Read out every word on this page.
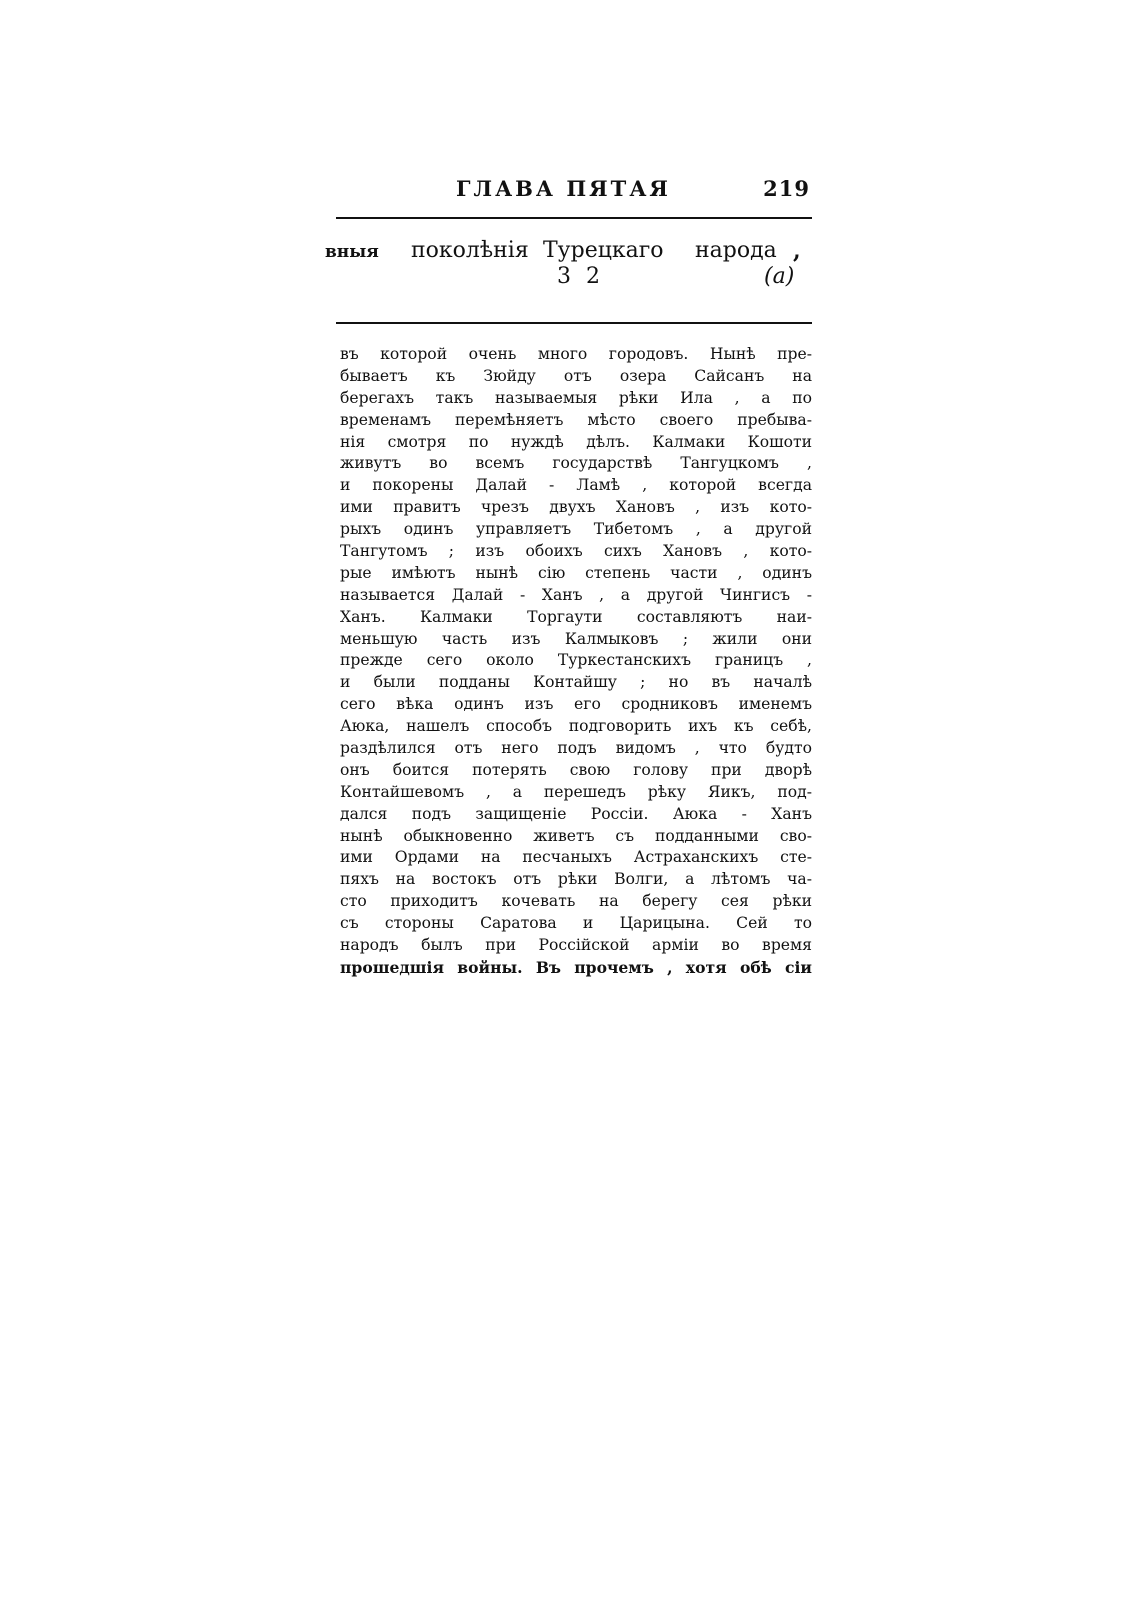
ГЛАВА ПЯТАЯ	219
вныя поколѣнія Турецкаго народа ,
3 2	(a)
въ которой очень много городовъ. Нынѣ пре-
бываетъ къ Зюйду отъ озера Сайсанъ на
берегахъ такъ называемыя рѣки Ила , а по
временамъ перемѣняетъ мѣсто своего пребыва-
нія смотря по нуждѣ дѣлъ. Калмаки Кошоти
живутъ во всемъ государствѣ Тангуцкомъ ,
и покорены Далай - Ламѣ , которой всегда
ими правитъ чрезъ двухъ Хановъ , изъ кото-
рыхъ одинъ управляетъ Тибетомъ , а другой
Тангутомъ ; изъ обоихъ сихъ Хановъ , кото-
рые имѣютъ нынѣ сію степень части , одинъ
называется Далай - Ханъ , а другой Чингисъ -
Ханъ. Калмаки Торгаути составляютъ наи-
меньшую часть изъ Калмыковъ ; жили они
прежде сего около Туркестанскихъ границъ ,
и были подданы Контайшу ; но въ началѣ
сего вѣка одинъ изъ его сродниковъ именемъ
Аюка, нашелъ способъ подговорить ихъ къ себѣ,
раздѣлился отъ него подъ видомъ , что будто
онъ боится потерять свою голову при дворѣ
Контайшевомъ , а перешедъ рѣку Яикъ, под-
дался подъ защищеніе Россіи. Аюка - Ханъ
нынѣ обыкновенно живетъ съ подданными сво-
ими Ордами на песчаныхъ Астраханскихъ сте-
пяхъ на востокъ отъ рѣки Волги, а лѣтомъ ча-
сто приходитъ кочевать на берегу сея рѣки
съ стороны Саратова и Царицына. Сей то
народъ былъ при Россійской арміи во время
прошедшія войны. Въ прочемъ , хотя обѣ сіи
